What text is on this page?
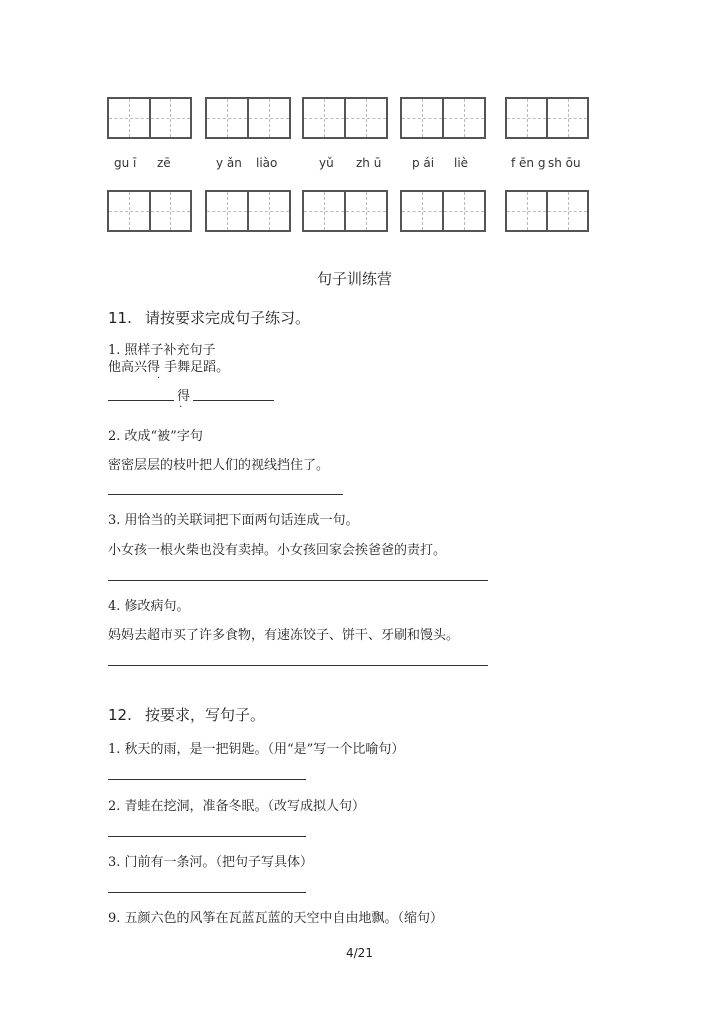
gu ī zē	y ǎn liào	yǔ zh ū	p ái liè	f ēn g sh ōu
句子训练营
11. 请按要求完成句子练习。
1. 照样子补充句子
他高兴得 手舞足蹈。
·
得
·
2. 改成“被”字句
密密层层的枝叶把人们的视线挡住了。
3. 用恰当的关联词把下面两句话连成一句。
小女孩一根火柴也没有卖掉。小女孩回家会挨爸爸的责打。
4. 修改病句。
妈妈去超市买了许多食物，有速冻饺子、饼干、牙刷和馒头。
12. 按要求，写句子。
1. 秋天的雨，是一把钥匙。（用“是”写一个比喻句）
2. 青蛙在挖洞，准备冬眠。（改写成拟人句）
3. 门前有一条河。（把句子写具体）
9. 五颜六色的风筝在瓦蓝瓦蓝的天空中自由地飘。（缩句）
4/21
